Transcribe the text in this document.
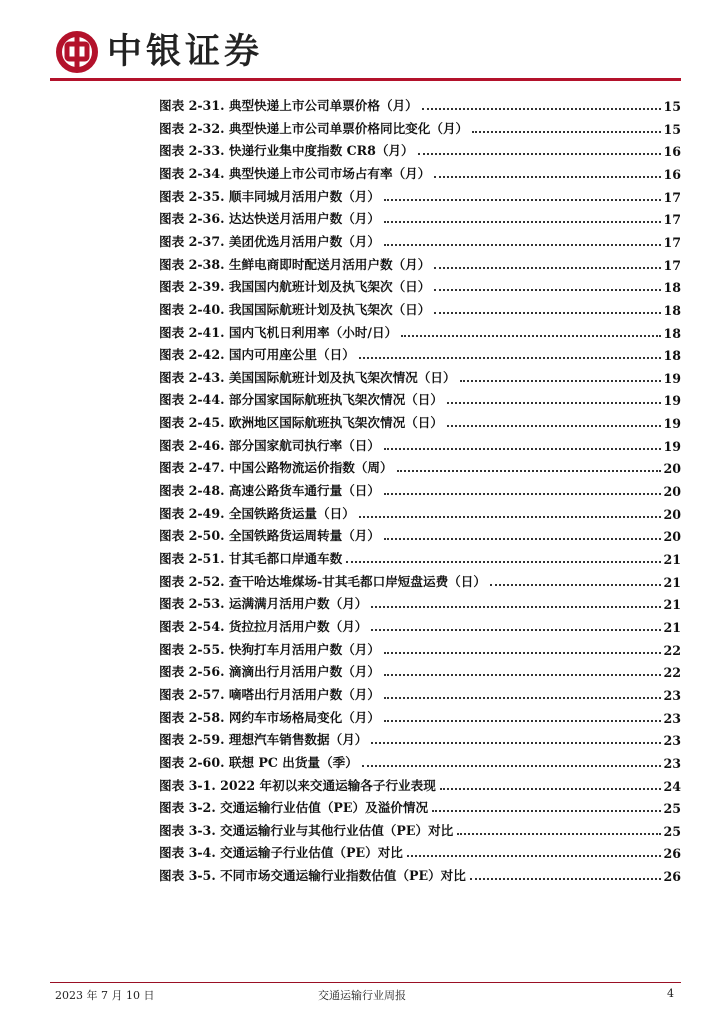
中银证券
图表 2-31. 典型快递上市公司单票价格（月）	15
图表 2-32. 典型快递上市公司单票价格同比变化（月）	15
图表 2-33. 快递行业集中度指数 CR8（月）	16
图表 2-34. 典型快递上市公司市场占有率（月）	16
图表 2-35. 顺丰同城月活用户数（月）	17
图表 2-36. 达达快送月活用户数（月）	17
图表 2-37. 美团优选月活用户数（月）	17
图表 2-38. 生鲜电商即时配送月活用户数（月）	17
图表 2-39. 我国国内航班计划及执飞架次（日）	18
图表 2-40. 我国国际航班计划及执飞架次（日）	18
图表 2-41. 国内飞机日利用率（小时/日）	18
图表 2-42. 国内可用座公里（日）	18
图表 2-43. 美国国际航班计划及执飞架次情况（日）	19
图表 2-44. 部分国家国际航班执飞架次情况（日）	19
图表 2-45. 欧洲地区国际航班执飞架次情况（日）	19
图表 2-46. 部分国家航司执行率（日）	19
图表 2-47. 中国公路物流运价指数（周）	20
图表 2-48. 高速公路货车通行量（日）	20
图表 2-49. 全国铁路货运量（日）	20
图表 2-50. 全国铁路货运周转量（月）	20
图表 2-51. 甘其毛都口岸通车数	21
图表 2-52. 查干哈达堆煤场-甘其毛都口岸短盘运费（日）	21
图表 2-53. 运满满月活用户数（月）	21
图表 2-54. 货拉拉月活用户数（月）	21
图表 2-55. 快狗打车月活用户数（月）	22
图表 2-56. 滴滴出行月活用户数（月）	22
图表 2-57. 嘀嗒出行月活用户数（月）	23
图表 2-58. 网约车市场格局变化（月）	23
图表 2-59. 理想汽车销售数据（月）	23
图表 2-60. 联想 PC 出货量（季）	23
图表 3-1. 2022 年初以来交通运输各子行业表现	24
图表 3-2. 交通运输行业估值（PE）及溢价情况	25
图表 3-3. 交通运输行业与其他行业估值（PE）对比	25
图表 3-4. 交通运输子行业估值（PE）对比	26
图表 3-5. 不同市场交通运输行业指数估值（PE）对比	26
2023 年 7 月 10 日	交通运输行业周报	4
